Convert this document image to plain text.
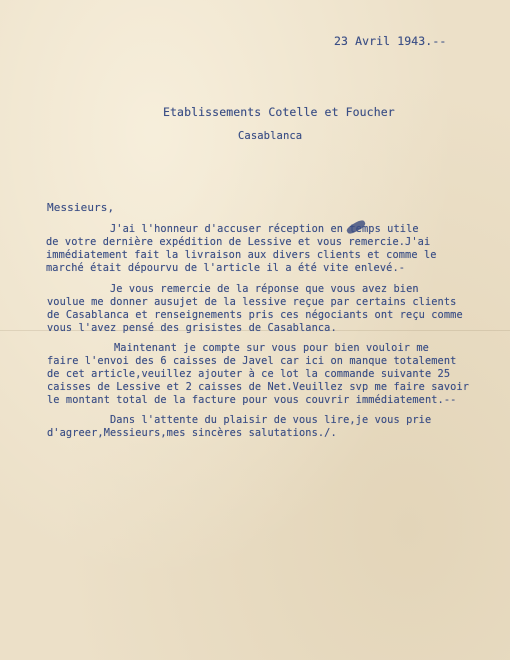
23 Avril 1943.--
Etablissements Cotelle et Foucher
Casablanca
Messieurs,
J'ai l'honneur d'accuser réception en temps utile
de votre dernière expédition de Lessive et vous remercie.J'ai
immédiatement fait la livraison aux divers clients et comme le
marché était dépourvu de l'article il a été vite enlevé.-
Je vous remercie de la réponse que vous avez bien
voulue me donner ausujet de la lessive reçue par certains clients
de Casablanca et renseignements pris ces négociants ont reçu comme
vous l'avez pensé des grisistes de Casablanca.
Maintenant je compte sur vous pour bien vouloir me
faire l'envoi des 6 caisses de Javel car ici on manque totalement
de cet article,veuillez ajouter à ce lot la commande suivante 25
caisses de Lessive et 2 caisses de Net.Veuillez svp me faire savoir
le montant total de la facture pour vous couvrir immédiatement.--
Dans l'attente du plaisir de vous lire,je vous prie
d'agreer,Messieurs,mes sincères salutations./.
